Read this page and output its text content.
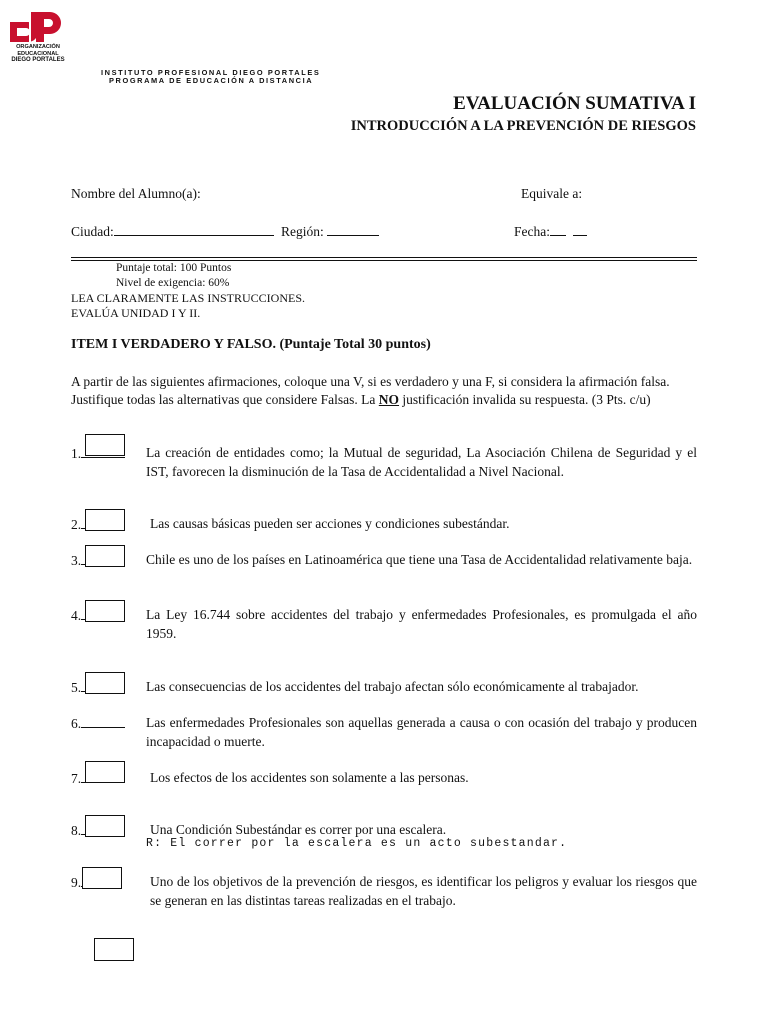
ORGANIZACIÓN EDUCACIONAL
DIEGO PORTALES
INSTITUTO PROFESIONAL DIEGO PORTALES
PROGRAMA DE EDUCACIÓN A DISTANCIA
EVALUACIÓN SUMATIVA I
INTRODUCCIÓN A LA PREVENCIÓN DE RIESGOS
Nombre del Alumno(a):	Equivale a:
Ciudad:	Región:	Fecha:
Puntaje total: 100 Puntos
Nivel de exigencia: 60%
LEA CLARAMENTE LAS INSTRUCCIONES.
EVALÚA UNIDAD I Y II.
ITEM I VERDADERO Y FALSO. (Puntaje Total 30 puntos)
A partir de las siguientes afirmaciones, coloque una V, si es verdadero y una F, si considera la afirmación falsa. Justifique todas las alternativas que considere Falsas. La NO justificación invalida su respuesta. (3 Pts. c/u)
1.	La creación de entidades como; la Mutual de seguridad, La Asociación Chilena de Seguridad y el IST, favorecen la disminución de la Tasa de Accidentalidad a Nivel Nacional.
2.	Las causas básicas pueden ser acciones y condiciones subestándar.
3.	Chile es uno de los países en Latinoamérica que tiene una Tasa de Accidentalidad relativamente baja.
4.	La Ley 16.744 sobre accidentes del trabajo y enfermedades Profesionales, es promulgada el año 1959.
5.	Las consecuencias de los accidentes del trabajo afectan sólo económicamente al trabajador.
6.	Las enfermedades Profesionales son aquellas generada a causa o con ocasión del trabajo y producen incapacidad o muerte.
7.	Los efectos de los accidentes son solamente a las personas.
8.	Una Condición Subestándar es correr por una escalera.
R: El correr por la escalera es un acto subestandar.
9.	Uno de los objetivos de la prevención de riesgos, es identificar los peligros y evaluar los riesgos que se generan en las distintas tareas realizadas en el trabajo.
